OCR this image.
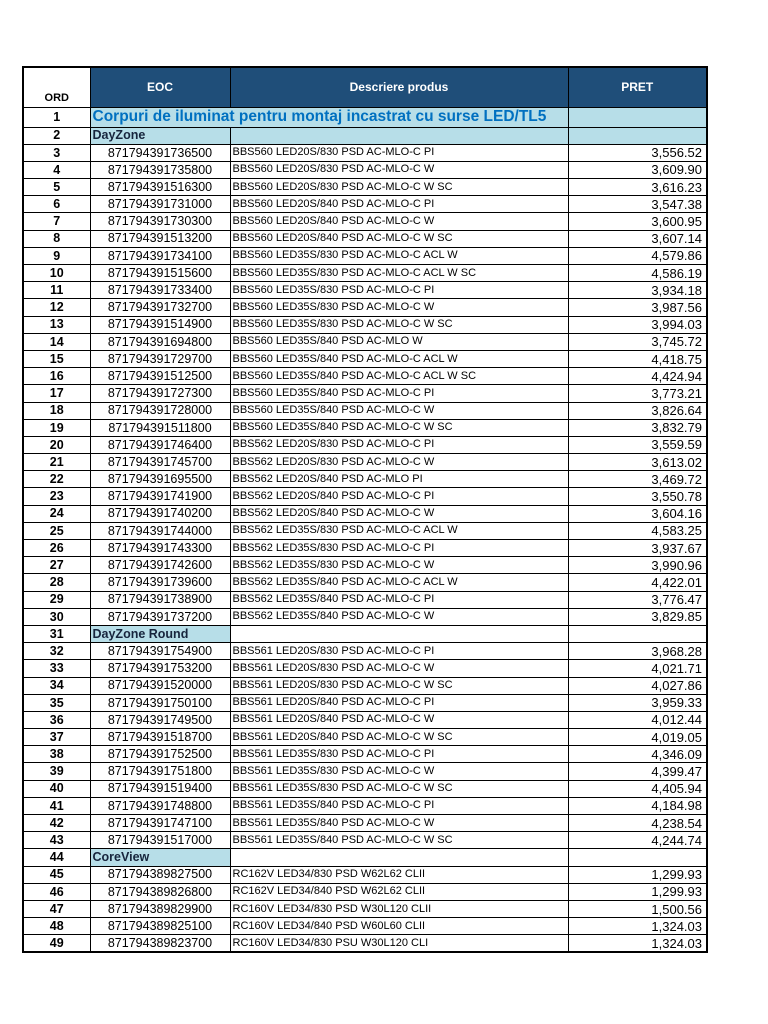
ORD	EOC	Descriere produs	PRET
1	Corpuri de iluminat pentru montaj incastrat cu surse LED/TL5		
2	DayZone		
3	871794391736500	BBS560 LED20S/830 PSD AC-MLO-C PI	3,556.52
4	871794391735800	BBS560 LED20S/830 PSD AC-MLO-C W	3,609.90
5	871794391516300	BBS560 LED20S/830 PSD AC-MLO-C W SC	3,616.23
6	871794391731000	BBS560 LED20S/840 PSD AC-MLO-C PI	3,547.38
7	871794391730300	BBS560 LED20S/840 PSD AC-MLO-C W	3,600.95
8	871794391513200	BBS560 LED20S/840 PSD AC-MLO-C W SC	3,607.14
9	871794391734100	BBS560 LED35S/830 PSD AC-MLO-C ACL W	4,579.86
10	871794391515600	BBS560 LED35S/830 PSD AC-MLO-C ACL W SC	4,586.19
11	871794391733400	BBS560 LED35S/830 PSD AC-MLO-C PI	3,934.18
12	871794391732700	BBS560 LED35S/830 PSD AC-MLO-C W	3,987.56
13	871794391514900	BBS560 LED35S/830 PSD AC-MLO-C W SC	3,994.03
14	871794391694800	BBS560 LED35S/840 PSD AC-MLO W	3,745.72
15	871794391729700	BBS560 LED35S/840 PSD AC-MLO-C ACL W	4,418.75
16	871794391512500	BBS560 LED35S/840 PSD AC-MLO-C ACL W SC	4,424.94
17	871794391727300	BBS560 LED35S/840 PSD AC-MLO-C PI	3,773.21
18	871794391728000	BBS560 LED35S/840 PSD AC-MLO-C W	3,826.64
19	871794391511800	BBS560 LED35S/840 PSD AC-MLO-C W SC	3,832.79
20	871794391746400	BBS562 LED20S/830 PSD AC-MLO-C PI	3,559.59
21	871794391745700	BBS562 LED20S/830 PSD AC-MLO-C W	3,613.02
22	871794391695500	BBS562 LED20S/840 PSD AC-MLO PI	3,469.72
23	871794391741900	BBS562 LED20S/840 PSD AC-MLO-C PI	3,550.78
24	871794391740200	BBS562 LED20S/840 PSD AC-MLO-C W	3,604.16
25	871794391744000	BBS562 LED35S/830 PSD AC-MLO-C ACL W	4,583.25
26	871794391743300	BBS562 LED35S/830 PSD AC-MLO-C PI	3,937.67
27	871794391742600	BBS562 LED35S/830 PSD AC-MLO-C W	3,990.96
28	871794391739600	BBS562 LED35S/840 PSD AC-MLO-C ACL W	4,422.01
29	871794391738900	BBS562 LED35S/840 PSD AC-MLO-C PI	3,776.47
30	871794391737200	BBS562 LED35S/840 PSD AC-MLO-C W	3,829.85
31	DayZone Round		
32	871794391754900	BBS561 LED20S/830 PSD AC-MLO-C PI	3,968.28
33	871794391753200	BBS561 LED20S/830 PSD AC-MLO-C W	4,021.71
34	871794391520000	BBS561 LED20S/830 PSD AC-MLO-C W SC	4,027.86
35	871794391750100	BBS561 LED20S/840 PSD AC-MLO-C PI	3,959.33
36	871794391749500	BBS561 LED20S/840 PSD AC-MLO-C W	4,012.44
37	871794391518700	BBS561 LED20S/840 PSD AC-MLO-C W SC	4,019.05
38	871794391752500	BBS561 LED35S/830 PSD AC-MLO-C PI	4,346.09
39	871794391751800	BBS561 LED35S/830 PSD AC-MLO-C W	4,399.47
40	871794391519400	BBS561 LED35S/830 PSD AC-MLO-C W SC	4,405.94
41	871794391748800	BBS561 LED35S/840 PSD AC-MLO-C PI	4,184.98
42	871794391747100	BBS561 LED35S/840 PSD AC-MLO-C W	4,238.54
43	871794391517000	BBS561 LED35S/840 PSD AC-MLO-C W SC	4,244.74
44	CoreView		
45	871794389827500	RC162V LED34/830 PSD W62L62 CLII	1,299.93
46	871794389826800	RC162V LED34/840 PSD W62L62 CLII	1,299.93
47	871794389829900	RC160V LED34/830 PSD W30L120 CLII	1,500.56
48	871794389825100	RC160V LED34/840 PSD W60L60 CLII	1,324.03
49	871794389823700	RC160V LED34/830 PSU W30L120 CLI	1,324.03
